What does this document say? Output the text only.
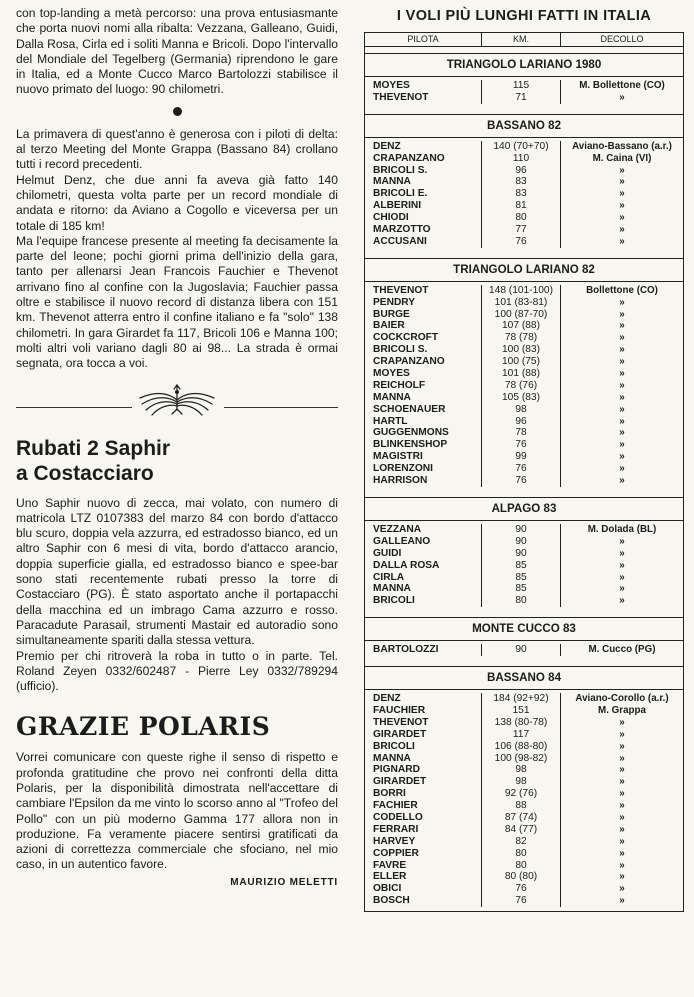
con top-landing a metà percorso: una prova entusiasmante che porta nuovi nomi alla ribalta: Vezzana, Galleano, Guidi, Dalla Rosa, Cirla ed i soliti Manna e Bricoli. Dopo l'intervallo del Mondiale del Tegelberg (Germania) riprendono le gare in Italia, ed a Monte Cucco Marco Bartolozzi stabilisce il nuovo primato del luogo: 90 chilometri.

La primavera di quest'anno è generosa con i piloti di delta: al terzo Meeting del Monte Grappa (Bassano 84) crollano tutti i record precedenti.

Helmut Denz, che due anni fa aveva già fatto 140 chilometri, questa volta parte per un record mondiale di andata e ritorno: da Aviano a Cogollo e viceversa per un totale di 185 km!

Ma l'equipe francese presente al meeting fa decisamente la parte del leone; pochi giorni prima dell'inizio della gara, tanto per allenarsi Jean Francois Fauchier e Thevenot arrivano fino al confine con la Jugoslavia; Fauchier passa oltre e stabilisce il nuovo record di distanza libera con 151 km. Thevenot atterra entro il confine italiano e fa "solo" 138 chilometri. In gara Girardet fa 117, Bricoli 106 e Manna 100; molti altri voli variano dagli 80 ai 98... La strada è ormai segnata, ora tocca a voi.

Rubati 2 Saphir
a Costacciaro

Uno Saphir nuovo di zecca, mai volato, con numero di matricola LTZ 0107383 del marzo 84 con bordo d'attacco blu scuro, doppia vela azzurra, ed estradosso bianco, ed un altro Saphir con 6 mesi di vita, bordo d'attacco arancio, doppia superficie gialla, ed estradosso bianco e spee-bar sono stati recentemente rubati presso la torre di Costacciaro (PG). È stato asportato anche il portapacchi della macchina ed un imbrago Cama azzurro e rosso. Paracadute Parasail, strumenti Mastair ed autoradio sono simultaneamente spariti dalla stessa vettura.

Premio per chi ritroverà la roba in tutto o in parte. Tel. Roland Zeyen 0332/602487 - Pierre Ley 0332/789294 (ufficio).

GRAZIE POLARIS

Vorrei comunicare con queste righe il senso di rispetto e profonda gratitudine che provo nei confronti della ditta Polaris, per la disponibilità dimostrata nell'accettare di cambiare l'Epsilon da me vinto lo scorso anno al "Trofeo del Pollo" con un più moderno Gamma 177 allora non in produzione. Fa veramente piacere sentirsi gratificati da azioni di correttezza commerciale che sfociano, nel mio caso, in un autentico favore.

MAURIZIO MELETTI
I VOLI PIÙ LUNGHI FATTI IN ITALIA
PILOTA	KM.	DECOLLO
TRIANGOLO LARIANO 1980
MOYES	115	M. Bollettone (CO)
THEVENOT	71	»
BASSANO 82
DENZ	140 (70+70)	Aviano-Bassano (a.r.)
CRAPANZANO	110	M. Caina (VI)
BRICOLI S.	96	»
MANNA	83	»
BRICOLI E.	83	»
ALBERINI	81	»
CHIODI	80	»
MARZOTTO	77	»
ACCUSANI	76	»
TRIANGOLO LARIANO 82
THEVENOT	148 (101-100)	Bollettone (CO)
PENDRY	101 (83-81)	»
BURGE	100 (87-70)	»
BAIER	107 (88)	»
COCKCROFT	78 (78)	»
BRICOLI S.	100 (83)	»
CRAPANZANO	100 (75)	»
MOYES	101 (88)	»
REICHOLF	78 (76)	»
MANNA	105 (83)	»
SCHOENAUER	98	»
HARTL	96	»
GUGGENMONS	78	»
BLINKENSHOP	76	»
MAGISTRI	99	»
LORENZONI	76	»
HARRISON	76	»
ALPAGO 83
VEZZANA	90	M. Dolada (BL)
GALLEANO	90	»
GUIDI	90	»
DALLA ROSA	85	»
CIRLA	85	»
MANNA	85	»
BRICOLI	80	»
MONTE CUCCO 83
BARTOLOZZI	90	M. Cucco (PG)
BASSANO 84
DENZ	184 (92+92)	Aviano-Corollo (a.r.)
FAUCHIER	151	M. Grappa
THEVENOT	138 (80-78)	»
GIRARDET	117	»
BRICOLI	106 (88-80)	»
MANNA	100 (98-82)	»
PIGNARD	98	»
GIRARDET	98	»
BORRI	92 (76)	»
FACHIER	88	»
CODELLO	87 (74)	»
FERRARI	84 (77)	»
HARVEY	82	»
COPPIER	80	»
FAVRE	80	»
ELLER	80 (80)	»
OBICI	76	»
BOSCH	76	»
